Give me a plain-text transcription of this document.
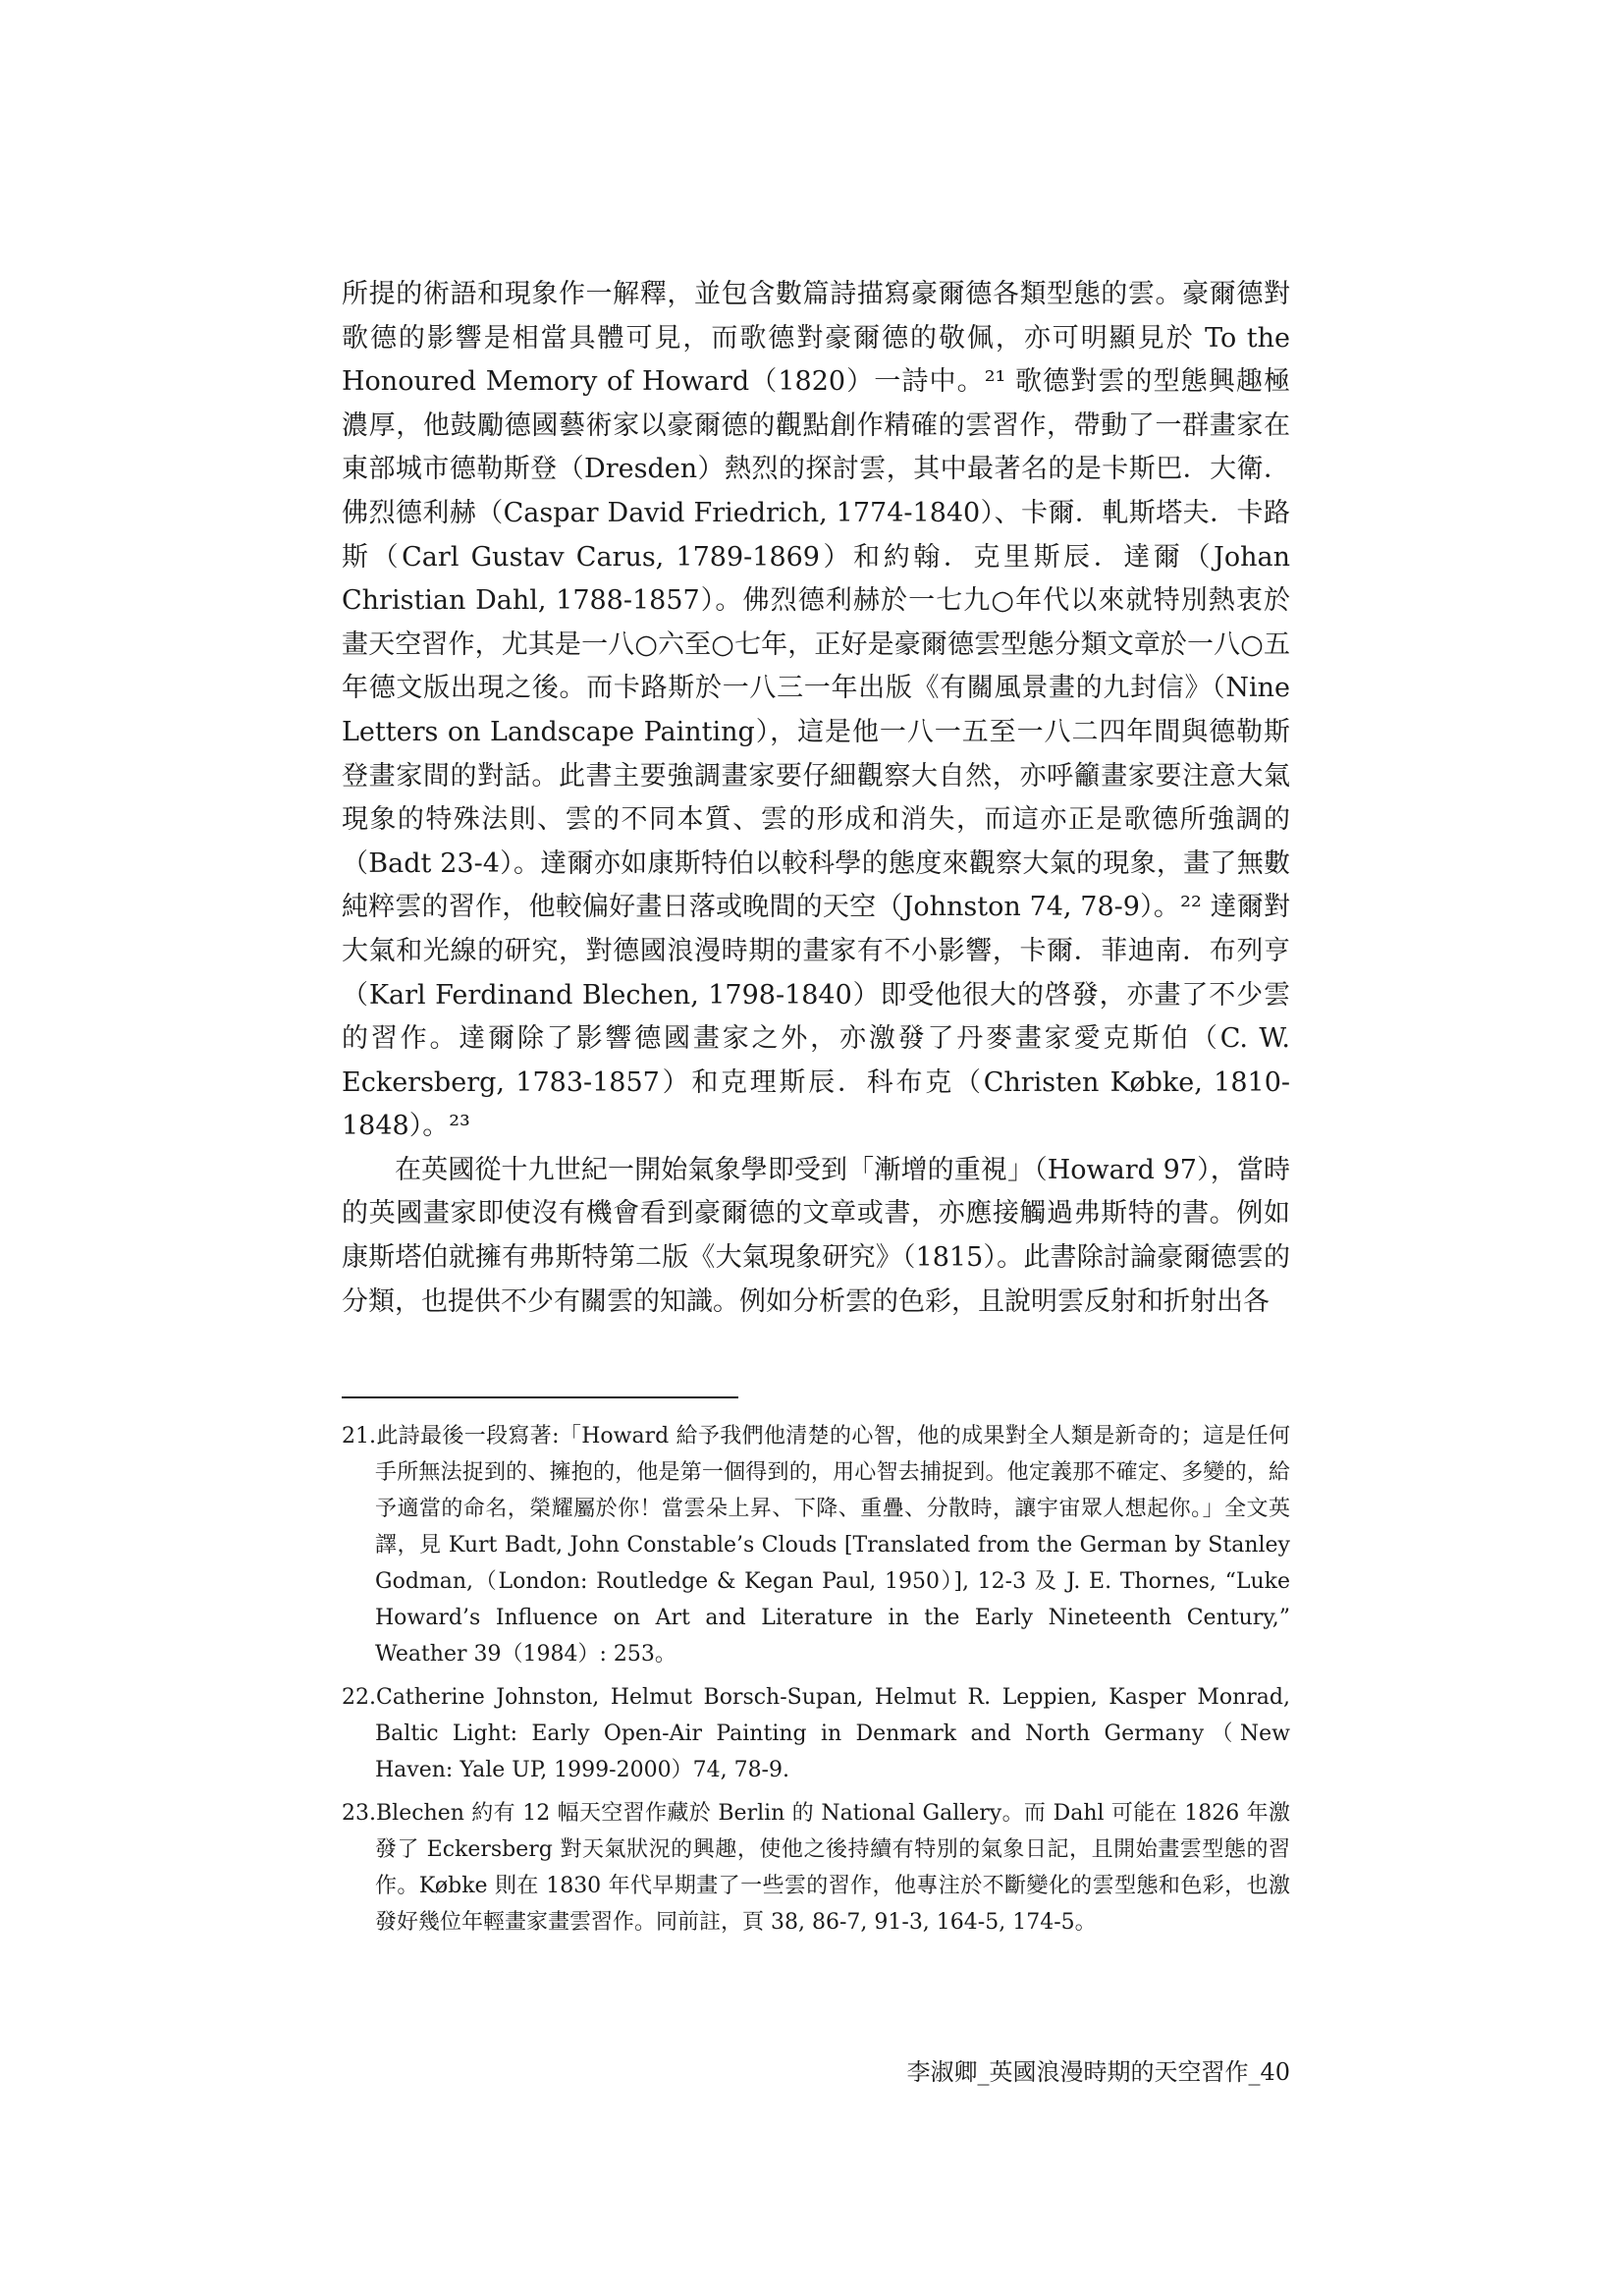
所提的術語和現象作一解釋，並包含數篇詩描寫豪爾德各類型態的雲。豪爾德對歌德的影響是相當具體可見，而歌德對豪爾德的敬佩，亦可明顯見於 To the Honoured Memory of Howard（1820）一詩中。²¹ 歌德對雲的型態興趣極濃厚，他鼓勵德國藝術家以豪爾德的觀點創作精確的雲習作，帶動了一群畫家在東部城市德勒斯登（Dresden）熱烈的探討雲，其中最著名的是卡斯巴．大衛．佛烈德利赫（Caspar David Friedrich, 1774-1840）、卡爾．軋斯塔夫．卡路斯（Carl Gustav Carus, 1789-1869）和約翰．克里斯辰．達爾（Johan Christian Dahl, 1788-1857）。佛烈德利赫於一七九○年代以來就特別熱衷於畫天空習作，尤其是一八○六至○七年，正好是豪爾德雲型態分類文章於一八○五年德文版出現之後。而卡路斯於一八三一年出版《有關風景畫的九封信》（Nine Letters on Landscape Painting），這是他一八一五至一八二四年間與德勒斯登畫家間的對話。此書主要強調畫家要仔細觀察大自然，亦呼籲畫家要注意大氣現象的特殊法則、雲的不同本質、雲的形成和消失，而這亦正是歌德所強調的（Badt 23-4）。達爾亦如康斯特伯以較科學的態度來觀察大氣的現象，畫了無數純粹雲的習作，他較偏好畫日落或晚間的天空（Johnston 74, 78-9）。²² 達爾對大氣和光線的研究，對德國浪漫時期的畫家有不小影響，卡爾．菲迪南．布列亨（Karl Ferdinand Blechen, 1798-1840）即受他很大的啓發，亦畫了不少雲的習作。達爾除了影響德國畫家之外，亦激發了丹麥畫家愛克斯伯（C. W. Eckersberg, 1783-1857）和克理斯辰．科布克（Christen Købke, 1810-1848）。²³

在英國從十九世紀一開始氣象學即受到「漸增的重視」（Howard 97），當時的英國畫家即使沒有機會看到豪爾德的文章或書，亦應接觸過弗斯特的書。例如康斯塔伯就擁有弗斯特第二版《大氣現象研究》（1815）。此書除討論豪爾德雲的分類，也提供不少有關雲的知識。例如分析雲的色彩，且說明雲反射和折射出各

21.此詩最後一段寫著:「Howard 給予我們他清楚的心智，他的成果對全人類是新奇的；這是任何手所無法捉到的、擁抱的，他是第一個得到的，用心智去捕捉到。他定義那不確定、多變的，給予適當的命名，榮耀屬於你！當雲朵上昇、下降、重疊、分散時，讓宇宙眾人想起你。」全文英譯，見 Kurt Badt, John Constable’s Clouds [Translated from the German by Stanley Godman,（London: Routledge & Kegan Paul, 1950）], 12-3 及 J. E. Thornes, “Luke Howard’s Influence on Art and Literature in the Early Nineteenth Century,” Weather 39（1984）: 253。

22.Catherine Johnston, Helmut Borsch-Supan, Helmut R. Leppien, Kasper Monrad, Baltic Light: Early Open-Air Painting in Denmark and North Germany（New Haven: Yale UP, 1999-2000）74, 78-9.

23.Blechen 約有 12 幅天空習作藏於 Berlin 的 National Gallery。而 Dahl 可能在 1826 年激發了 Eckersberg 對天氣狀況的興趣，使他之後持續有特別的氣象日記，且開始畫雲型態的習作。Købke 則在 1830 年代早期畫了一些雲的習作，他專注於不斷變化的雲型態和色彩，也激發好幾位年輕畫家畫雲習作。同前註，頁 38, 86-7, 91-3, 164-5, 174-5。

李淑卿_英國浪漫時期的天空習作_40
